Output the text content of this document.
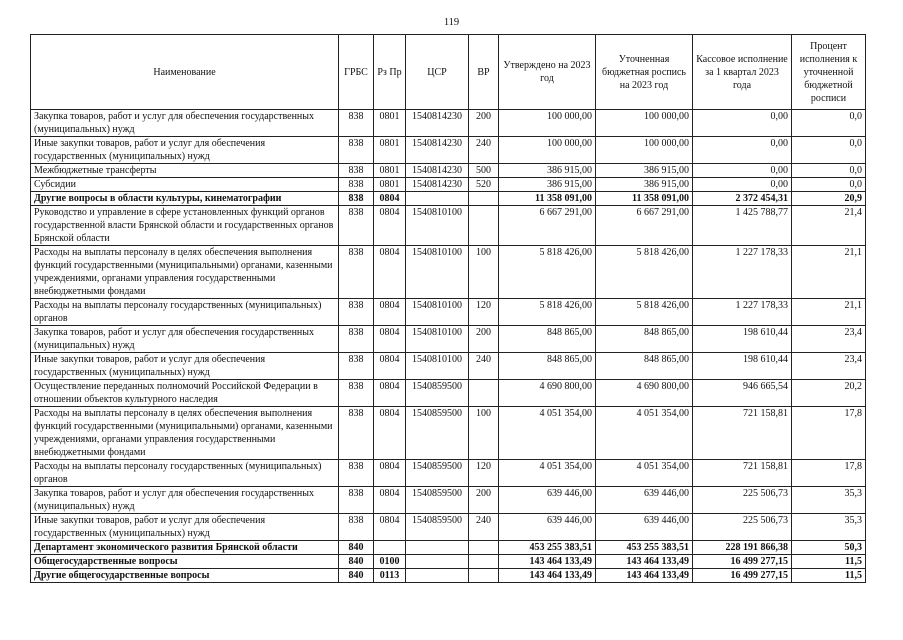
119
Наименование	ГРБС	Рз Пр	ЦСР	ВР	Утверждено на 2023 год	Уточненная бюджетная роспись на 2023 год	Кассовое исполнение за 1 квартал 2023 года	Процент исполнения к уточненной бюджетной росписи
Закупка товаров, работ и услуг для обеспечения государственных (муниципальных) нужд	838	0801	1540814230	200	100 000,00	100 000,00	0,00	0,0
Иные закупки товаров, работ и услуг для обеспечения государственных (муниципальных) нужд	838	0801	1540814230	240	100 000,00	100 000,00	0,00	0,0
Межбюджетные трансферты	838	0801	1540814230	500	386 915,00	386 915,00	0,00	0,0
Субсидии	838	0801	1540814230	520	386 915,00	386 915,00	0,00	0,0
Другие вопросы в области культуры, кинематографии	838	0804			11 358 091,00	11 358 091,00	2 372 454,31	20,9
Руководство и управление в сфере установленных функций органов государственной власти Брянской области и государственных органов Брянской области	838	0804	1540810100		6 667 291,00	6 667 291,00	1 425 788,77	21,4
Расходы на выплаты персоналу в целях обеспечения выполнения функций государственными (муниципальными) органами, казенными учреждениями, органами управления государственными внебюджетными фондами	838	0804	1540810100	100	5 818 426,00	5 818 426,00	1 227 178,33	21,1
Расходы на выплаты персоналу государственных (муниципальных) органов	838	0804	1540810100	120	5 818 426,00	5 818 426,00	1 227 178,33	21,1
Закупка товаров, работ и услуг для обеспечения государственных (муниципальных) нужд	838	0804	1540810100	200	848 865,00	848 865,00	198 610,44	23,4
Иные закупки товаров, работ и услуг для обеспечения государственных (муниципальных) нужд	838	0804	1540810100	240	848 865,00	848 865,00	198 610,44	23,4
Осуществление переданных полномочий Российской Федерации в отношении объектов культурного наследия	838	0804	1540859500		4 690 800,00	4 690 800,00	946 665,54	20,2
Расходы на выплаты персоналу в целях обеспечения выполнения функций государственными (муниципальными) органами, казенными учреждениями, органами управления государственными внебюджетными фондами	838	0804	1540859500	100	4 051 354,00	4 051 354,00	721 158,81	17,8
Расходы на выплаты персоналу государственных (муниципальных) органов	838	0804	1540859500	120	4 051 354,00	4 051 354,00	721 158,81	17,8
Закупка товаров, работ и услуг для обеспечения государственных (муниципальных) нужд	838	0804	1540859500	200	639 446,00	639 446,00	225 506,73	35,3
Иные закупки товаров, работ и услуг для обеспечения государственных (муниципальных) нужд	838	0804	1540859500	240	639 446,00	639 446,00	225 506,73	35,3
Департамент экономического развития Брянской области	840				453 255 383,51	453 255 383,51	228 191 866,38	50,3
Общегосударственные вопросы	840	0100			143 464 133,49	143 464 133,49	16 499 277,15	11,5
Другие общегосударственные вопросы	840	0113			143 464 133,49	143 464 133,49	16 499 277,15	11,5
